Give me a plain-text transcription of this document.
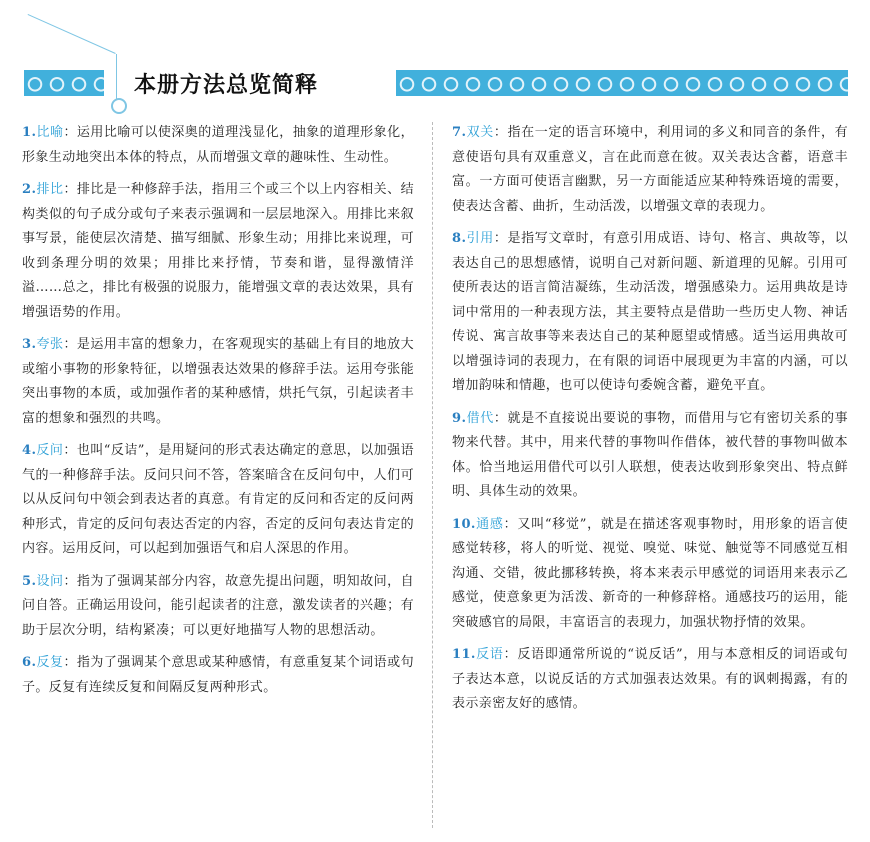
本册方法总览简释

1.比喻：运用比喻可以使深奥的道理浅显化，抽象的道理形象化，形象生动地突出本体的特点，从而增强文章的趣味性、生动性。

2.排比：排比是一种修辞手法，指用三个或三个以上内容相关、结构类似的句子成分或句子来表示强调和一层层地深入。用排比来叙事写景，能使层次清楚、描写细腻、形象生动；用排比来说理，可收到条理分明的效果；用排比来抒情，节奏和谐，显得激情洋溢……总之，排比有极强的说服力，能增强文章的表达效果，具有增强语势的作用。

3.夸张：是运用丰富的想象力，在客观现实的基础上有目的地放大或缩小事物的形象特征，以增强表达效果的修辞手法。运用夸张能突出事物的本质，或加强作者的某种感情，烘托气氛，引起读者丰富的想象和强烈的共鸣。

4.反问：也叫“反诘”，是用疑问的形式表达确定的意思，以加强语气的一种修辞手法。反问只问不答，答案暗含在反问句中，人们可以从反问句中领会到表达者的真意。有肯定的反问和否定的反问两种形式，肯定的反问句表达否定的内容，否定的反问句表达肯定的内容。运用反问，可以起到加强语气和启人深思的作用。

5.设问：指为了强调某部分内容，故意先提出问题，明知故问，自问自答。正确运用设问，能引起读者的注意，激发读者的兴趣；有助于层次分明，结构紧凑；可以更好地描写人物的思想活动。

6.反复：指为了强调某个意思或某种感情，有意重复某个词语或句子。反复有连续反复和间隔反复两种形式。

7.双关：指在一定的语言环境中，利用词的多义和同音的条件，有意使语句具有双重意义，言在此而意在彼。双关表达含蓄，语意丰富。一方面可使语言幽默，另一方面能适应某种特殊语境的需要，使表达含蓄、曲折，生动活泼，以增强文章的表现力。

8.引用：是指写文章时，有意引用成语、诗句、格言、典故等，以表达自己的思想感情，说明自己对新问题、新道理的见解。引用可使所表达的语言简洁凝练，生动活泼，增强感染力。运用典故是诗词中常用的一种表现方法，其主要特点是借助一些历史人物、神话传说、寓言故事等来表达自己的某种愿望或情感。适当运用典故可以增强诗词的表现力，在有限的词语中展现更为丰富的内涵，可以增加韵味和情趣，也可以使诗句委婉含蓄，避免平直。

9.借代：就是不直接说出要说的事物，而借用与它有密切关系的事物来代替。其中，用来代替的事物叫作借体，被代替的事物叫做本体。恰当地运用借代可以引人联想，使表达收到形象突出、特点鲜明、具体生动的效果。

10.通感：又叫“移觉”，就是在描述客观事物时，用形象的语言使感觉转移，将人的听觉、视觉、嗅觉、味觉、触觉等不同感觉互相沟通、交错，彼此挪移转换，将本来表示甲感觉的词语用来表示乙感觉，使意象更为活泼、新奇的一种修辞格。通感技巧的运用，能突破感官的局限，丰富语言的表现力，加强状物抒情的效果。

11.反语：反语即通常所说的“说反话”，用与本意相反的词语或句子表达本意，以说反话的方式加强表达效果。有的讽刺揭露，有的表示亲密友好的感情。
